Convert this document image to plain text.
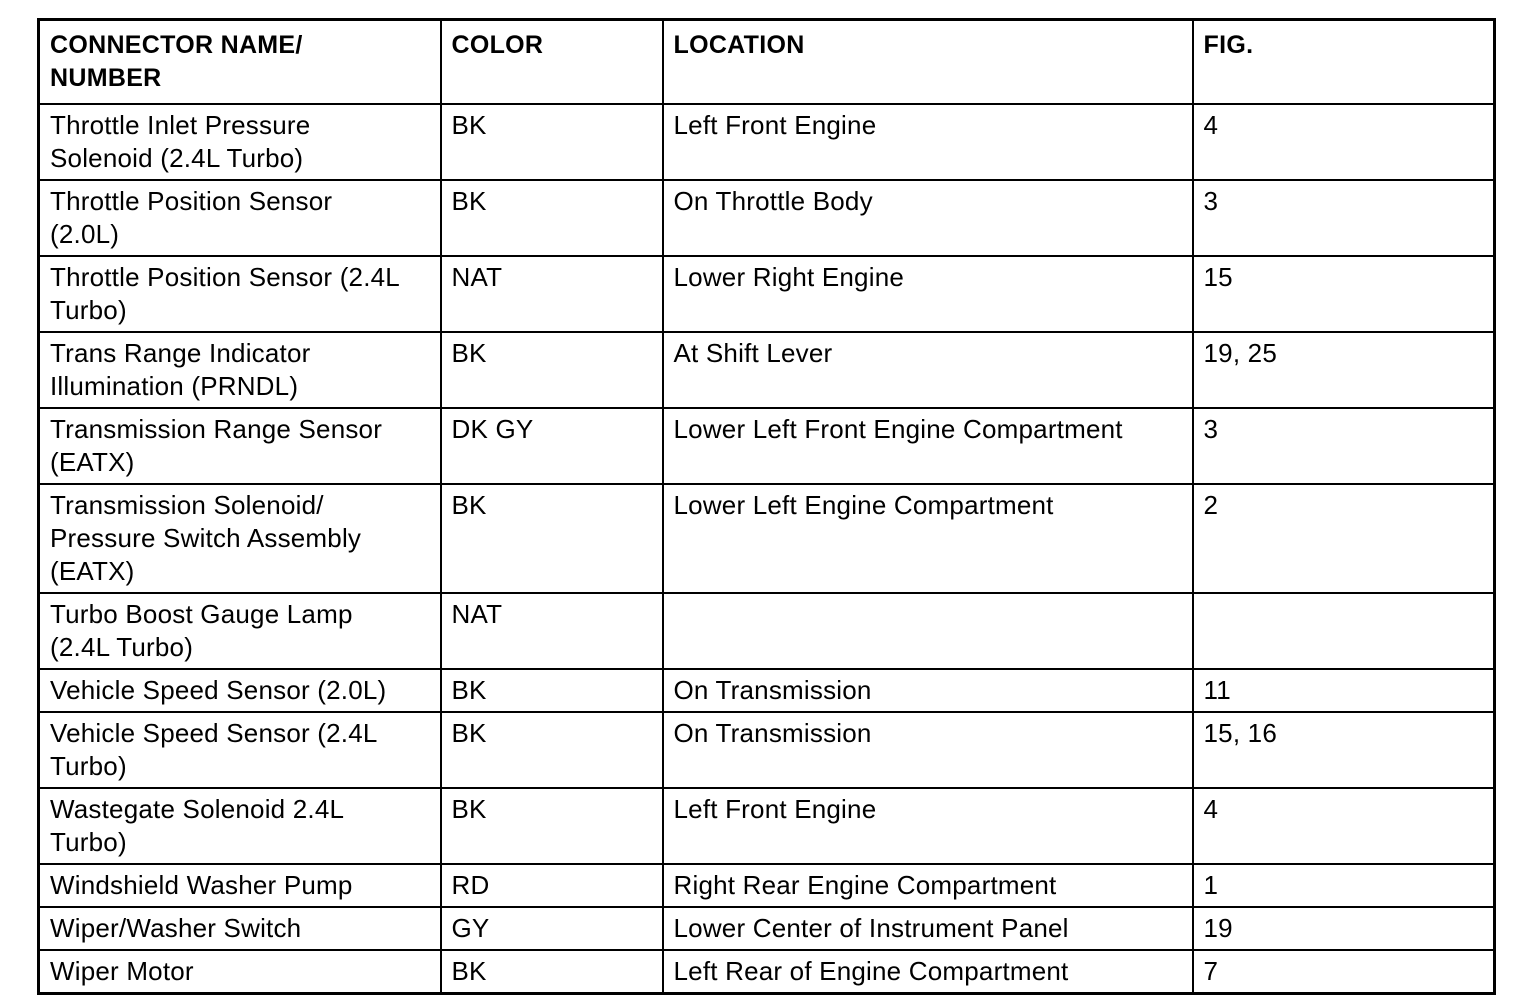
CONNECTOR NAME/
NUMBER	COLOR	LOCATION	FIG.
Throttle Inlet Pressure
Solenoid (2.4L Turbo)	BK	Left Front Engine	4
Throttle Position Sensor
(2.0L)	BK	On Throttle Body	3
Throttle Position Sensor (2.4L
Turbo)	NAT	Lower Right Engine	15
Trans Range Indicator
Illumination (PRNDL)	BK	At Shift Lever	19, 25
Transmission Range Sensor
(EATX)	DK GY	Lower Left Front Engine Compartment	3
Transmission Solenoid/
Pressure Switch Assembly
(EATX)	BK	Lower Left Engine Compartment	2
Turbo Boost Gauge Lamp
(2.4L Turbo)	NAT		
Vehicle Speed Sensor (2.0L)	BK	On Transmission	11
Vehicle Speed Sensor (2.4L
Turbo)	BK	On Transmission	15, 16
Wastegate Solenoid 2.4L
Turbo)	BK	Left Front Engine	4
Windshield Washer Pump	RD	Right Rear Engine Compartment	1
Wiper/Washer Switch	GY	Lower Center of Instrument Panel	19
Wiper Motor	BK	Left Rear of Engine Compartment	7
